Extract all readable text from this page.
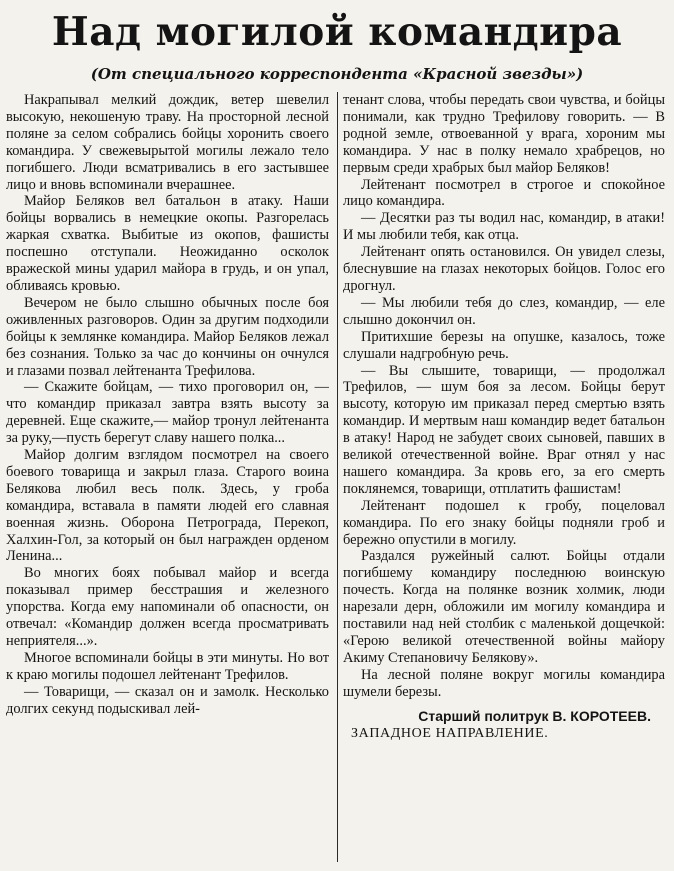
Над могилой командира
(От специального корреспондента «Красной звезды»)

Накрапывал мелкий дождик, ветер шевелил высокую, некошеную траву. На просторной лесной поляне за селом собрались бойцы хоронить своего командира. У свежевырытой могилы лежало тело погибшего. Люди всматривались в его застывшее лицо и вновь вспоминали вчерашнее.

Майор Беляков вел батальон в атаку. Наши бойцы ворвались в немецкие окопы. Разгорелась жаркая схватка. Выбитые из окопов, фашисты поспешно отступали. Неожиданно осколок вражеской мины ударил майора в грудь, и он упал, обливаясь кровью.

Вечером не было слышно обычных после боя оживленных разговоров. Один за другим подходили бойцы к землянке командира. Майор Беляков лежал без сознания. Только за час до кончины он очнулся и глазами позвал лейтенанта Трефилова.

— Скажите бойцам, — тихо проговорил он, — что командир приказал завтра взять высоту за деревней. Еще скажите,— майор тронул лейтенанта за руку,—пусть берегут славу нашего полка...

Майор долгим взглядом посмотрел на своего боевого товарища и закрыл глаза. Старого воина Белякова любил весь полк. Здесь, у гроба командира, вставала в памяти людей его славная военная жизнь. Оборона Петрограда, Перекоп, Халхин-Гол, за который он был награжден орденом Ленина...

Во многих боях побывал майор и всегда показывал пример бесстрашия и железного упорства. Когда ему напоминали об опасности, он отвечал: «Командир должен всегда просматривать неприятеля...».

Многое вспоминали бойцы в эти минуты. Но вот к краю могилы подошел лейтенант Трефилов.

— Товарищи, — сказал он и замолк. Несколько долгих секунд подыскивал лей-

тенант слова, чтобы передать свои чувства, и бойцы понимали, как трудно Трефилову говорить. — В родной земле, отвоеванной у врага, хороним мы командира. У нас в полку немало храбрецов, но первым среди храбрых был майор Беляков!

Лейтенант посмотрел в строгое и спокойное лицо командира.

— Десятки раз ты водил нас, командир, в атаки! И мы любили тебя, как отца.

Лейтенант опять остановился. Он увидел слезы, блеснувшие на глазах некоторых бойцов. Голос его дрогнул.

— Мы любили тебя до слез, командир, — еле слышно докончил он.

Притихшие березы на опушке, казалось, тоже слушали надгробную речь.

— Вы слышите, товарищи, — продолжал Трефилов, — шум боя за лесом. Бойцы берут высоту, которую им приказал перед смертью взять командир. И мертвым наш командир ведет батальон в атаку! Народ не забудет своих сыновей, павших в великой отечественной войне. Враг отнял у нас нашего командира. За кровь его, за его смерть поклянемся, товарищи, отплатить фашистам!

Лейтенант подошел к гробу, поцеловал командира. По его знаку бойцы подняли гроб и бережно опустили в могилу.

Раздался ружейный салют. Бойцы отдали погибшему командиру последнюю воинскую почесть. Когда на полянке возник холмик, люди нарезали дерн, обложили им могилу командира и поставили над ней столбик с маленькой дощечкой: «Герою великой отечественной войны майору Акиму Степановичу Белякову».

На лесной поляне вокруг могилы командира шумели березы.

Старший политрук В. КОРОТЕЕВ.

ЗАПАДНОЕ НАПРАВЛЕНИЕ.
